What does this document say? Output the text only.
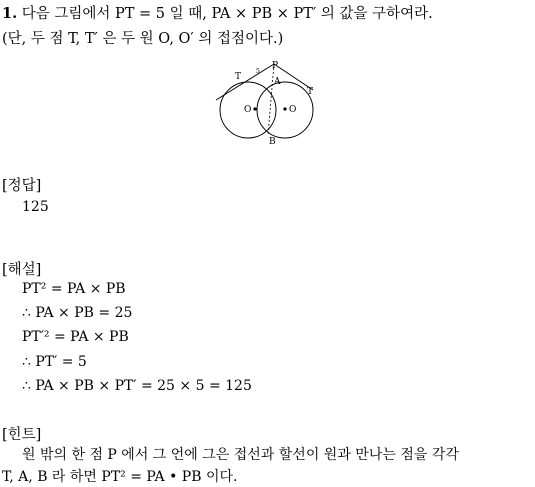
1. 다음 그림에서 PT = 5 일 때, PA × PB × PT′ 의 값을 구하여라.
(단, 두 점 T, T′ 은 두 원 O, O′ 의 접점이다.)
T
5
P
A
T
O	O
B
[정답]
125
[해설]
PT² = PA × PB
∴ PA × PB = 25
PT′² = PA × PB
∴ PT′ = 5
∴ PA × PB × PT′ = 25 × 5 = 125
[힌트]
원 밖의 한 점 P 에서 그 언에 그은 접선과 할선이 원과 만나는 점을 각각
T, A, B 라 하면 PT² = PA • PB 이다.
